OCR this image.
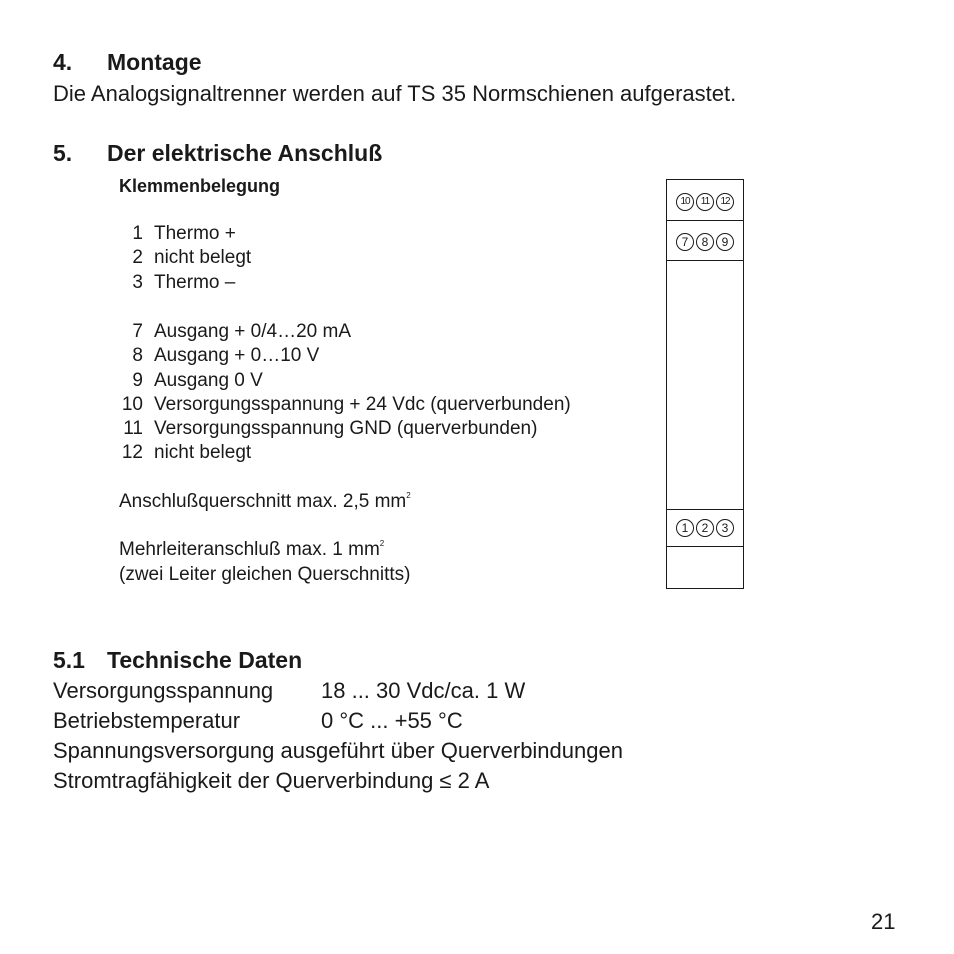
4. Montage
Die Analogsignaltrenner werden auf TS 35 Normschienen aufgerastet.
5. Der elektrische Anschluß
Klemmenbelegung
1 Thermo +
2 nicht belegt
3 Thermo –
7 Ausgang + 0/4…20 mA
8 Ausgang + 0…10 V
9 Ausgang 0 V
10 Versorgungsspannung + 24 Vdc (querverbunden)
11 Versorgungsspannung GND (querverbunden)
12 nicht belegt
Anschlußquerschnitt max. 2,5 $mm^2$
Mehrleiteranschluß max. 1 $mm^2$
(zwei Leiter gleichen Querschnitts)
10	11	12
7	8	9
1	2	3
5.1 Technische Daten
Versorgungsspannung	18 ... 30 Vdc/ca. 1 W
Betriebstemperatur	0 °C ... +55 °C
Spannungsversorgung ausgeführt über Querverbindungen
Stromtragfähigkeit der Querverbindung ≤ 2 A
21
